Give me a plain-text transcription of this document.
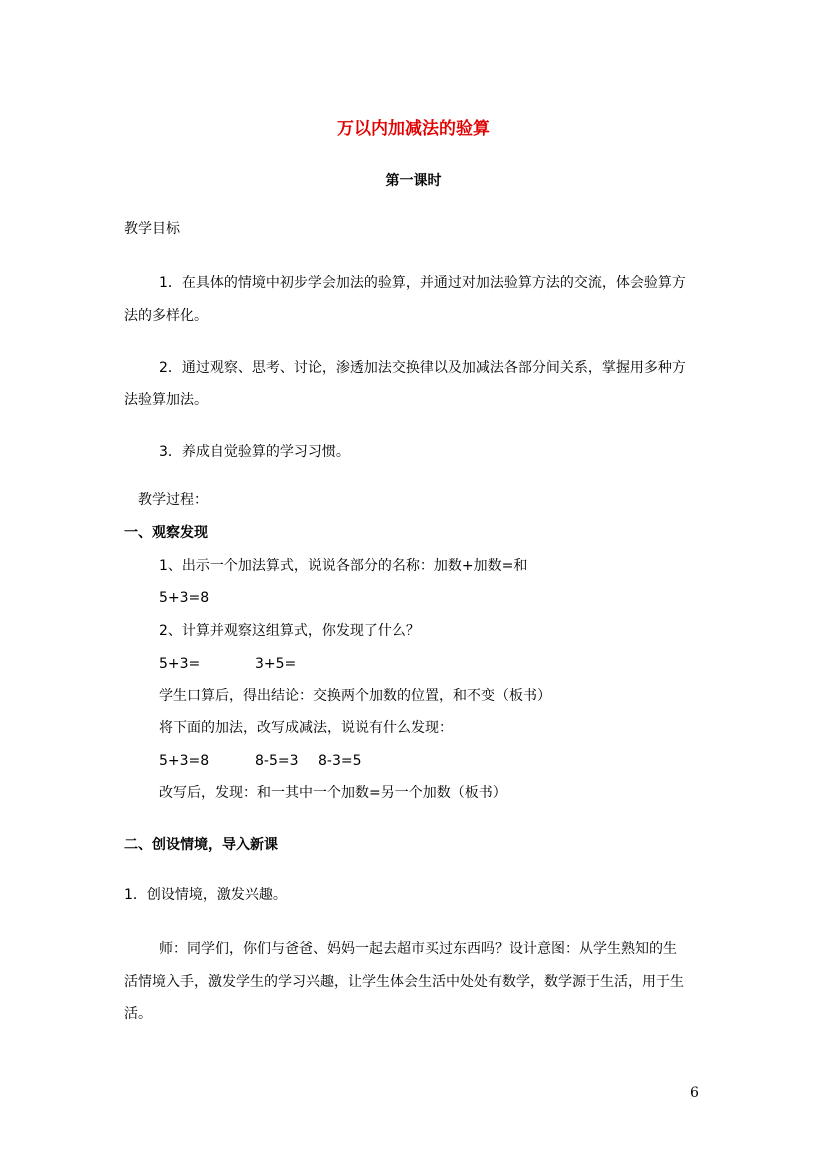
万以内加减法的验算
第一课时
教学目标
1．在具体的情境中初步学会加法的验算，并通过对加法验算方法的交流，体会验算方
法的多样化。
2．通过观察、思考、讨论，渗透加法交换律以及加减法各部分间关系，掌握用多种方
法验算加法。
3．养成自觉验算的学习习惯。
教学过程：
一、观察发现
1、出示一个加法算式，说说各部分的名称：加数+加数=和
5+3=8
2、计算并观察这组算式，你发现了什么？
5+3=	3+5=
学生口算后，得出结论：交换两个加数的位置，和不变（板书）
将下面的加法，改写成减法，说说有什么发现：
5+3=8	8-5=3 8-3=5
改写后，发现：和一其中一个加数=另一个加数（板书）
二、创设情境，导入新课
1．创设情境，激发兴趣。
师：同学们，你们与爸爸、妈妈一起去超市买过东西吗？设计意图：从学生熟知的生
活情境入手，激发学生的学习兴趣，让学生体会生活中处处有数学，数学源于生活，用于生
活。
6
